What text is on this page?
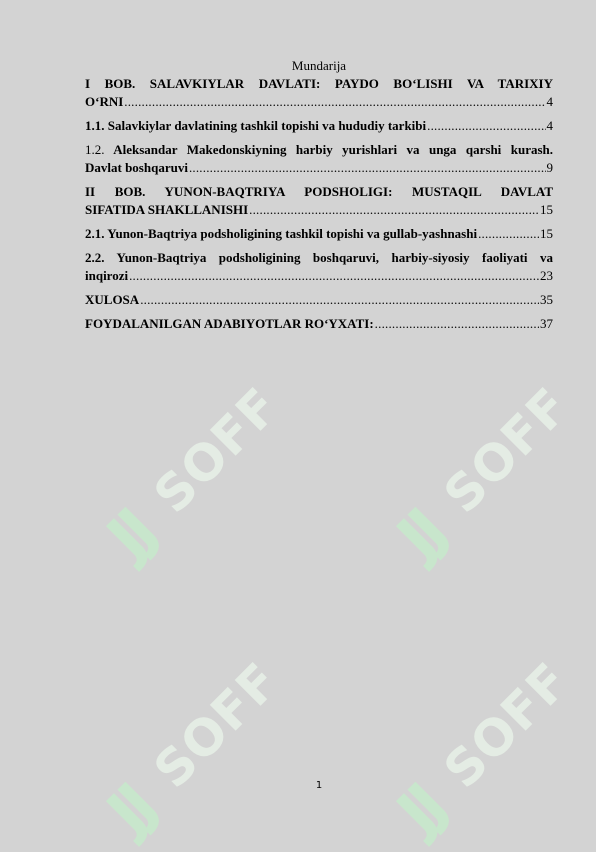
JJ
SOFF
JJ
SOFF
JJ
SOFF
JJ
SOFF
Mundarija
I BOB. SALAVKIYLAR DAVLATI: PAYDO BO‘LISHI VA TARIXIY
O‘RNI .....	4
1.1. Salavkiylar davlatining tashkil topishi va hududiy tarkibi .....	4
1.2. Aleksandar Makedonskiyning harbiy yurishlari va unga qarshi kurash.
Davlat boshqaruvi .....	9
II BOB. YUNON-BAQTRIYA PODSHOLIGI: MUSTAQIL DAVLAT
SIFATIDA SHAKLLANISHI .....	15
2.1. Yunon-Baqtriya podsholigining tashkil topishi va gullab-yashnashi .....	15
2.2. Yunon-Baqtriya podsholigining boshqaruvi, harbiy-siyosiy faoliyati va
inqirozi .....	23
XULOSA .....	35
FOYDALANILGAN ADABIYOTLAR RO‘YXATI: .....	37
1
